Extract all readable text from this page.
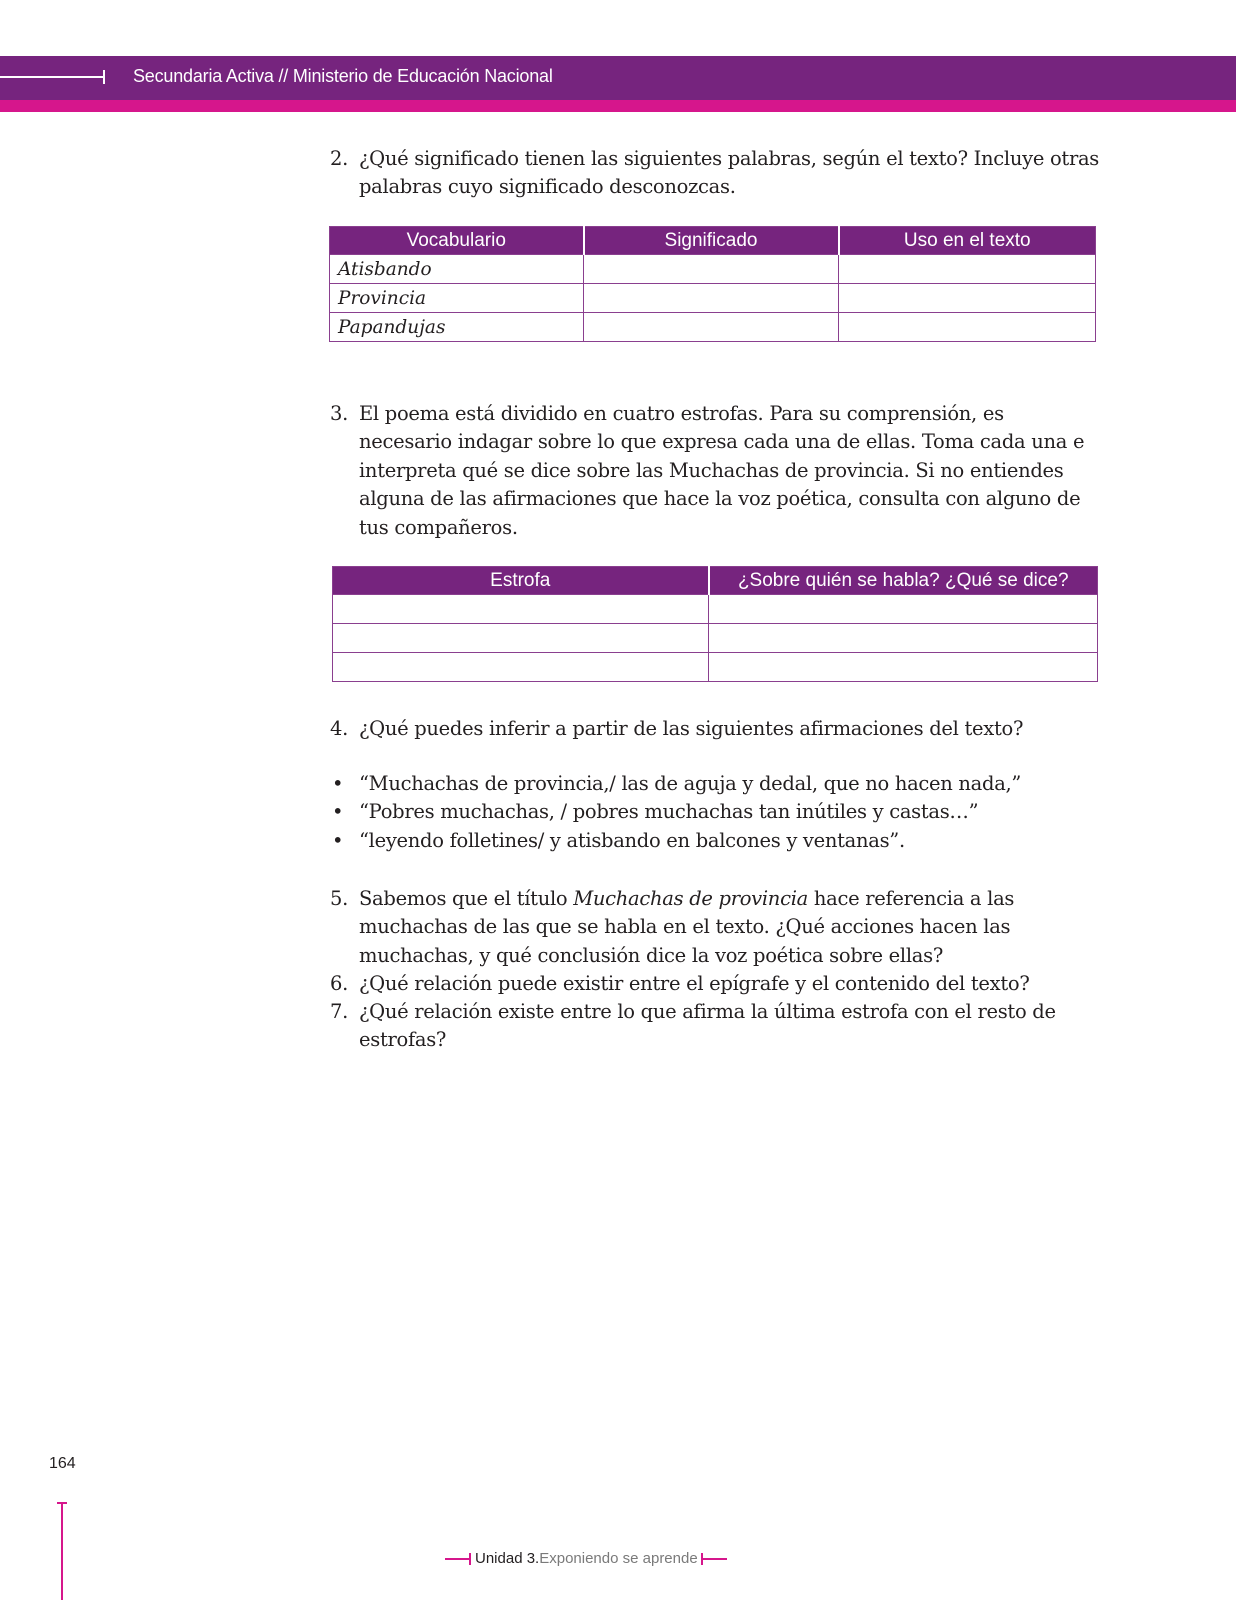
Secundaria Activa // Ministerio de Educación Nacional
2. ¿Qué significado tienen las siguientes palabras, según el texto? Incluye otras palabras cuyo significado desconozcas.
Vocabulario	Significado	Uso en el texto
Atisbando		
Provincia		
Papandujas		
3. El poema está dividido en cuatro estrofas. Para su comprensión, es necesario indagar sobre lo que expresa cada una de ellas. Toma cada una e interpreta qué se dice sobre las Muchachas de provincia. Si no entiendes alguna de las afirmaciones que hace la voz poética, consulta con alguno de tus compañeros.
Estrofa	¿Sobre quién se habla? ¿Qué se dice?

4. ¿Qué puedes inferir a partir de las siguientes afirmaciones del texto?
• “Muchachas de provincia,/ las de aguja y dedal, que no hacen nada,”
• “Pobres muchachas, / pobres muchachas tan inútiles y castas…”
• “leyendo folletines/ y atisbando en balcones y ventanas”.
5. Sabemos que el título Muchachas de provincia hace referencia a las muchachas de las que se habla en el texto. ¿Qué acciones hacen las muchachas, y qué conclusión dice la voz poética sobre ellas?
6. ¿Qué relación puede existir entre el epígrafe y el contenido del texto?
7. ¿Qué relación existe entre lo que afirma la última estrofa con el resto de estrofas?
164
Unidad 3. Exponiendo se aprende
